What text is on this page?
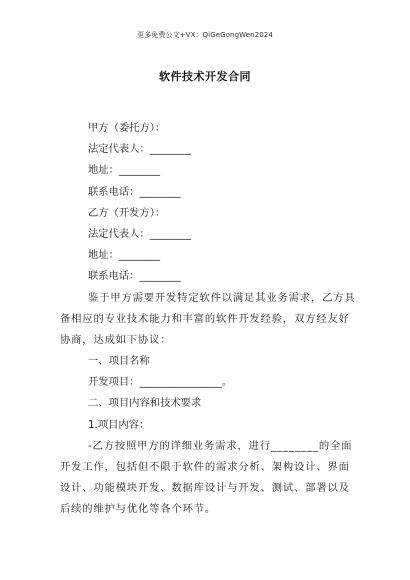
更多免费公文+VX：QiGeGongWen2024
软件技术开发合同
甲方（委托方）：
法定代表人：________
地址：________
联系电话：________
乙方（开发方）：
法定代表人：________
地址：________
联系电话：________
鉴于甲方需要开发特定软件以满足其业务需求，乙方具备相应的专业技术能力和丰富的软件开发经验，双方经友好协商，达成如下协议：
一、项目名称
开发项目：________________。
二、项目内容和技术要求
1.项目内容：
-乙方按照甲方的详细业务需求，进行________的全面开发工作，包括但不限于软件的需求分析、架构设计、界面设计、功能模块开发、数据库设计与开发、测试、部署以及后续的维护与优化等各个环节。
